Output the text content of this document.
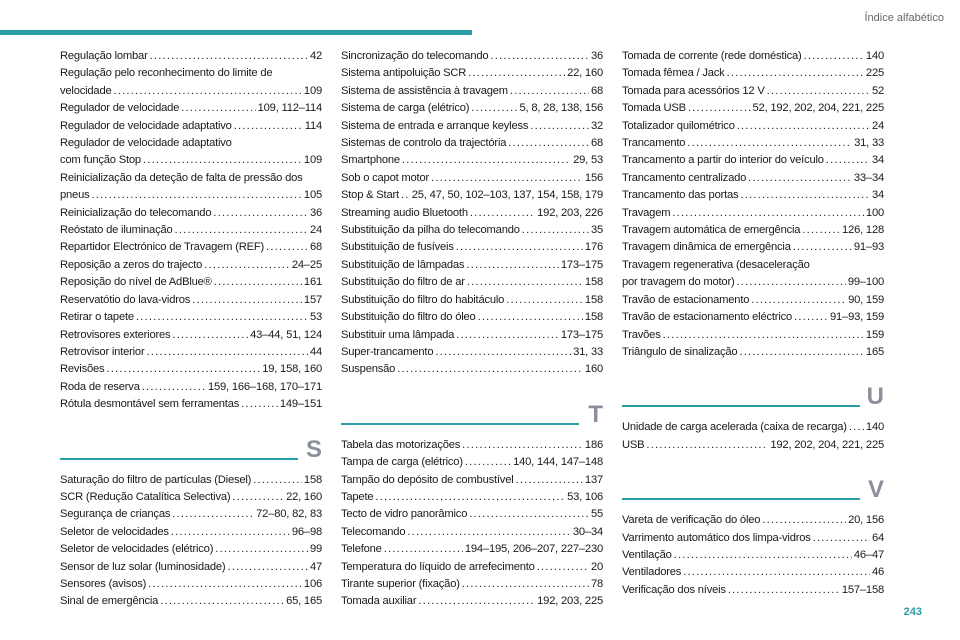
Índice alfabético
Regulação lombar .....	42
Regulação pelo reconhecimento do limite de
velocidade .....	109
Regulador de velocidade .....	109, 112–114
Regulador de velocidade adaptativo .....	114
Regulador de velocidade adaptativo
com função Stop .....	109
Reinicialização da deteção de falta de pressão dos
pneus .....	105
Reinicialização do telecomando .....	36
Reóstato de iluminação .....	24
Repartidor Electrónico de Travagem (REF) .....	68
Reposição a zeros do trajecto .....	24–25
Reposição do nível de AdBlue® .....	161
Reservatótio do lava-vidros .....	157
Retirar o tapete .....	53
Retrovisores exteriores .....	43–44, 51, 124
Retrovisor interior .....	44
Revisões .....	19, 158, 160
Roda de reserva .....	159, 166–168, 170–171
Rótula desmontável sem ferramentas .....	149–151
S
Saturação do filtro de partículas (Diesel) .....	158
SCR (Redução Catalítica Selectiva) .....	22, 160
Segurança de crianças .....	72–80, 82, 83
Seletor de velocidades .....	96–98
Seletor de velocidades (elétrico) .....	99
Sensor de luz solar (luminosidade) .....	47
Sensores (avisos) .....	106
Sinal de emergência .....	65, 165
Sincronização do telecomando .....	36
Sistema antipoluição SCR .....	22, 160
Sistema de assistência à travagem .....	68
Sistema de carga (elétrico) .....	5, 8, 28, 138, 156
Sistema de entrada e arranque keyless .....	32
Sistemas de controlo da trajectória .....	68
Smartphone .....	29, 53
Sob o capot motor .....	156
Stop & Start ..... 25, 47, 50, 102–103, 137, 154, 158, 179
Streaming audio Bluetooth .....	192, 203, 226
Substituição da pilha do telecomando .....	35
Substituição de fusíveis .....	176
Substituição de lâmpadas .....	173–175
Substituição do filtro de ar .....	158
Substituição do filtro do habitáculo .....	158
Substituição do filtro do óleo .....	158
Substituir uma lâmpada .....	173–175
Super-trancamento .....	31, 33
Suspensão .....	160
T
Tabela das motorizações .....	186
Tampa de carga (elétrico) .....	140, 144, 147–148
Tampão do depósito de combustível .....	137
Tapete .....	53, 106
Tecto de vidro panorâmico .....	55
Telecomando .....	30–34
Telefone .....	194–195, 206–207, 227–230
Temperatura do líquido de arrefecimento .....	20
Tirante superior (fixação) .....	78
Tomada auxiliar .....	192, 203, 225
Tomada de corrente (rede doméstica) .....	140
Tomada fêmea / Jack .....	225
Tomada para acessórios 12 V .....	52
Tomada USB .....	52, 192, 202, 204, 221, 225
Totalizador quilométrico .....	24
Trancamento .....	31, 33
Trancamento a partir do interior do veículo .....	34
Trancamento centralizado .....	33–34
Trancamento das portas .....	34
Travagem .....	100
Travagem automática de emergência .....	126, 128
Travagem dinâmica de emergência .....	91–93
Travagem regenerativa (desaceleração
por travagem do motor) .....	99–100
Travão de estacionamento .....	90, 159
Travão de estacionamento eléctrico .....	91–93, 159
Travões .....	159
Triângulo de sinalização .....	165
U
Unidade de carga acelerada (caixa de recarga) ..... 140
USB .....	192, 202, 204, 221, 225
V
Vareta de verificação do óleo .....	20, 156
Varrimento automático dos limpa-vidros .....	64
Ventilação .....	46–47
Ventiladores .....	46
Verificação dos níveis .....	157–158
243
